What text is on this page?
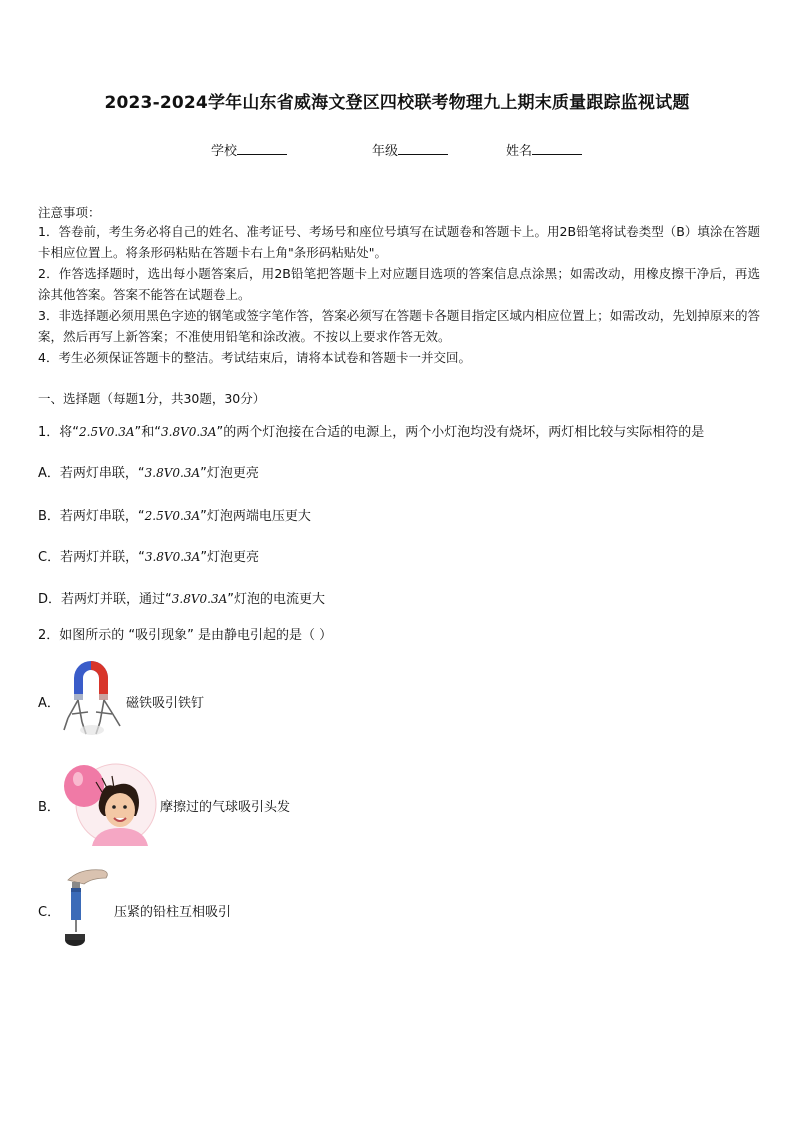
2023-2024学年山东省威海文登区四校联考物理九上期末质量跟踪监视试题
学校	年级	姓名
注意事项：

1．答卷前，考生务必将自己的姓名、准考证号、考场号和座位号填写在试题卷和答题卡上。用2B铅笔将试卷类型（B）填涂在答题卡相应位置上。将条形码粘贴在答题卡右上角"条形码粘贴处"。

2．作答选择题时，选出每小题答案后，用2B铅笔把答题卡上对应题目选项的答案信息点涂黑；如需改动，用橡皮擦干净后，再选涂其他答案。答案不能答在试题卷上。

3．非选择题必须用黑色字迹的钢笔或签字笔作答，答案必须写在答题卡各题目指定区域内相应位置上；如需改动，先划掉原来的答案，然后再写上新答案；不准使用铅笔和涂改液。不按以上要求作答无效。

4．考生必须保证答题卡的整洁。考试结束后，请将本试卷和答题卡一并交回。

一、选择题（每题1分，共30题，30分）
1．将“2.5V0.3A”和“3.8V0.3A”的两个灯泡接在合适的电源上，两个小灯泡均没有烧坏，两灯相比较与实际相符的是
A．若两灯串联，“3.8V0.3A”灯泡更亮
B．若两灯串联，“2.5V0.3A”灯泡两端电压更大
C．若两灯并联，“3.8V0.3A”灯泡更亮
D．若两灯并联，通过“3.8V0.3A”灯泡的电流更大
2．如图所示的 “吸引现象” 是由静电引起的是（ ）
A．	磁铁吸引铁钉
B．	摩擦过的气球吸引头发
C．	压紧的铅柱互相吸引
